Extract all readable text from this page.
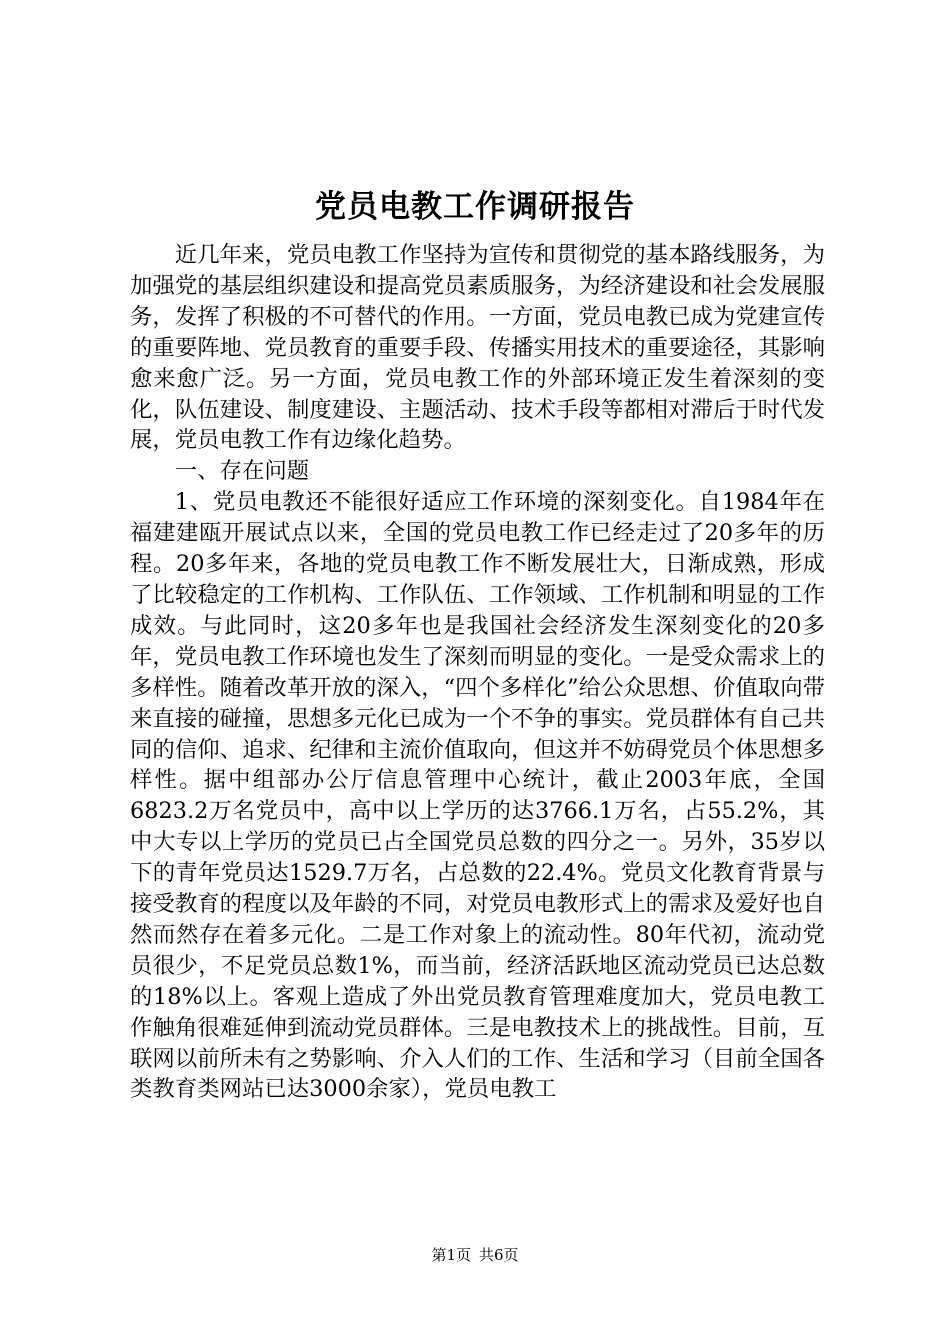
党员电教工作调研报告

近几年来，党员电教工作坚持为宣传和贯彻党的基本路线服务，为加强党的基层组织建设和提高党员素质服务，为经济建设和社会发展服务，发挥了积极的不可替代的作用。一方面，党员电教已成为党建宣传的重要阵地、党员教育的重要手段、传播实用技术的重要途径，其影响愈来愈广泛。另一方面，党员电教工作的外部环境正发生着深刻的变化，队伍建设、制度建设、主题活动、技术手段等都相对滞后于时代发展，党员电教工作有边缘化趋势。

一、存在问题

1、党员电教还不能很好适应工作环境的深刻变化。自1984年在福建建瓯开展试点以来，全国的党员电教工作已经走过了20多年的历程。20多年来，各地的党员电教工作不断发展壮大，日渐成熟，形成了比较稳定的工作机构、工作队伍、工作领域、工作机制和明显的工作成效。与此同时，这20多年也是我国社会经济发生深刻变化的20多年，党员电教工作环境也发生了深刻而明显的变化。一是受众需求上的多样性。随着改革开放的深入，“四个多样化”给公众思想、价值取向带来直接的碰撞，思想多元化已成为一个不争的事实。党员群体有自己共同的信仰、追求、纪律和主流价值取向，但这并不妨碍党员个体思想多样性。据中组部办公厅信息管理中心统计，截止2003年底，全国6823.2万名党员中，高中以上学历的达3766.1万名，占55.2%，其中大专以上学历的党员已占全国党员总数的四分之一。另外，35岁以下的青年党员达1529.7万名，占总数的22.4%。党员文化教育背景与接受教育的程度以及年龄的不同，对党员电教形式上的需求及爱好也自然而然存在着多元化。二是工作对象上的流动性。80年代初，流动党员很少，不足党员总数1%，而当前，经济活跃地区流动党员已达总数的18%以上。客观上造成了外出党员教育管理难度加大，党员电教工作触角很难延伸到流动党员群体。三是电教技术上的挑战性。目前，互联网以前所未有之势影响、介入人们的工作、生活和学习（目前全国各类教育类网站已达3000余家），党员电教工

第1页 共6页
